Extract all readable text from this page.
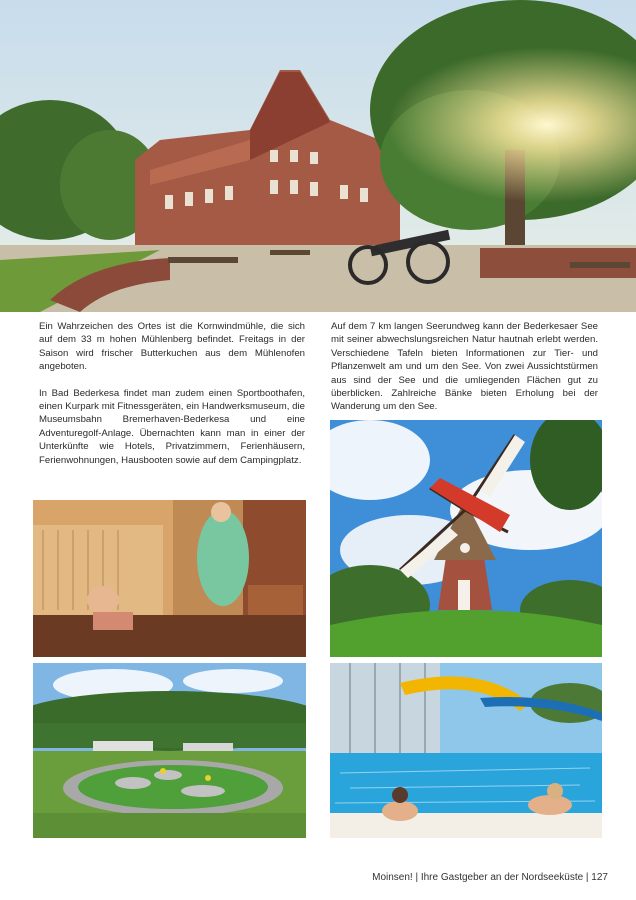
Ein Wahrzeichen des Ortes ist die Kornwindmühle, die sich auf dem 33 m hohen Mühlenberg befindet. Freitags in der Saison wird frischer Butterkuchen aus dem Mühlenofen angeboten.

In Bad Bederkesa findet man zudem einen Sportboothafen, einen Kurpark mit Fitnessgeräten, ein Handwerksmuseum, die Museumsbahn Bremerhaven-Bederkesa und eine Adventuregolf-Anlage. Übernachten kann man in einer der Unterkünfte wie Hotels, Privatzimmern, Ferienhäusern, Ferienwohnungen, Hausbooten sowie auf dem Campingplatz.

Auf dem 7 km langen Seerundweg kann der Bederkesaer See mit seiner abwechslungsreichen Natur hautnah erlebt werden. Verschiedene Tafeln bieten Informationen zur Tier- und Pflanzenwelt am und um den See. Von zwei Aussichtstürmen aus sind der See und die umliegenden Flächen gut zu überblicken. Zahlreiche Bänke bieten Erholung bei der Wanderung um den See.

Moinsen! | Ihre Gastgeber an der Nordseeküste | 127
